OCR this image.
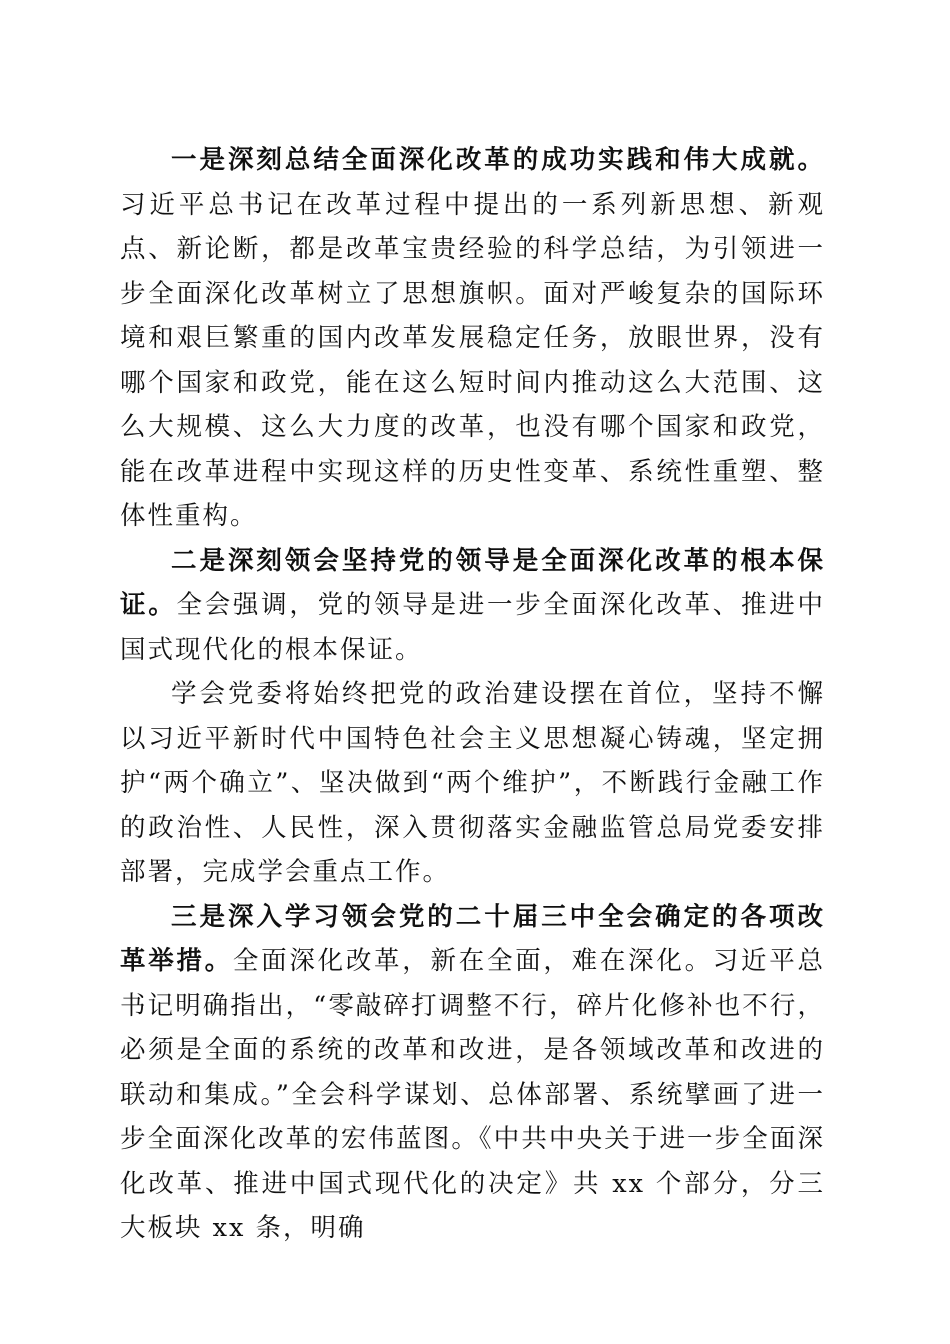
一是深刻总结全面深化改革的成功实践和伟大成就。习近平总书记在改革过程中提出的一系列新思想、新观点、新论断，都是改革宝贵经验的科学总结，为引领进一步全面深化改革树立了思想旗帜。面对严峻复杂的国际环境和艰巨繁重的国内改革发展稳定任务，放眼世界，没有哪个国家和政党，能在这么短时间内推动这么大范围、这么大规模、这么大力度的改革，也没有哪个国家和政党，能在改革进程中实现这样的历史性变革、系统性重塑、整体性重构。

二是深刻领会坚持党的领导是全面深化改革的根本保证。全会强调，党的领导是进一步全面深化改革、推进中国式现代化的根本保证。

学会党委将始终把党的政治建设摆在首位，坚持不懈以习近平新时代中国特色社会主义思想凝心铸魂，坚定拥护“两个确立”、坚决做到“两个维护”，不断践行金融工作的政治性、人民性，深入贯彻落实金融监管总局党委安排部署，完成学会重点工作。

三是深入学习领会党的二十届三中全会确定的各项改革举措。全面深化改革，新在全面，难在深化。习近平总书记明确指出，“零敲碎打调整不行，碎片化修补也不行，必须是全面的系统的改革和改进，是各领域改革和改进的联动和集成。”全会科学谋划、总体部署、系统擘画了进一步全面深化改革的宏伟蓝图。《中共中央关于进一步全面深化改革、推进中国式现代化的决定》共 xx 个部分，分三大板块 xx 条，明确
